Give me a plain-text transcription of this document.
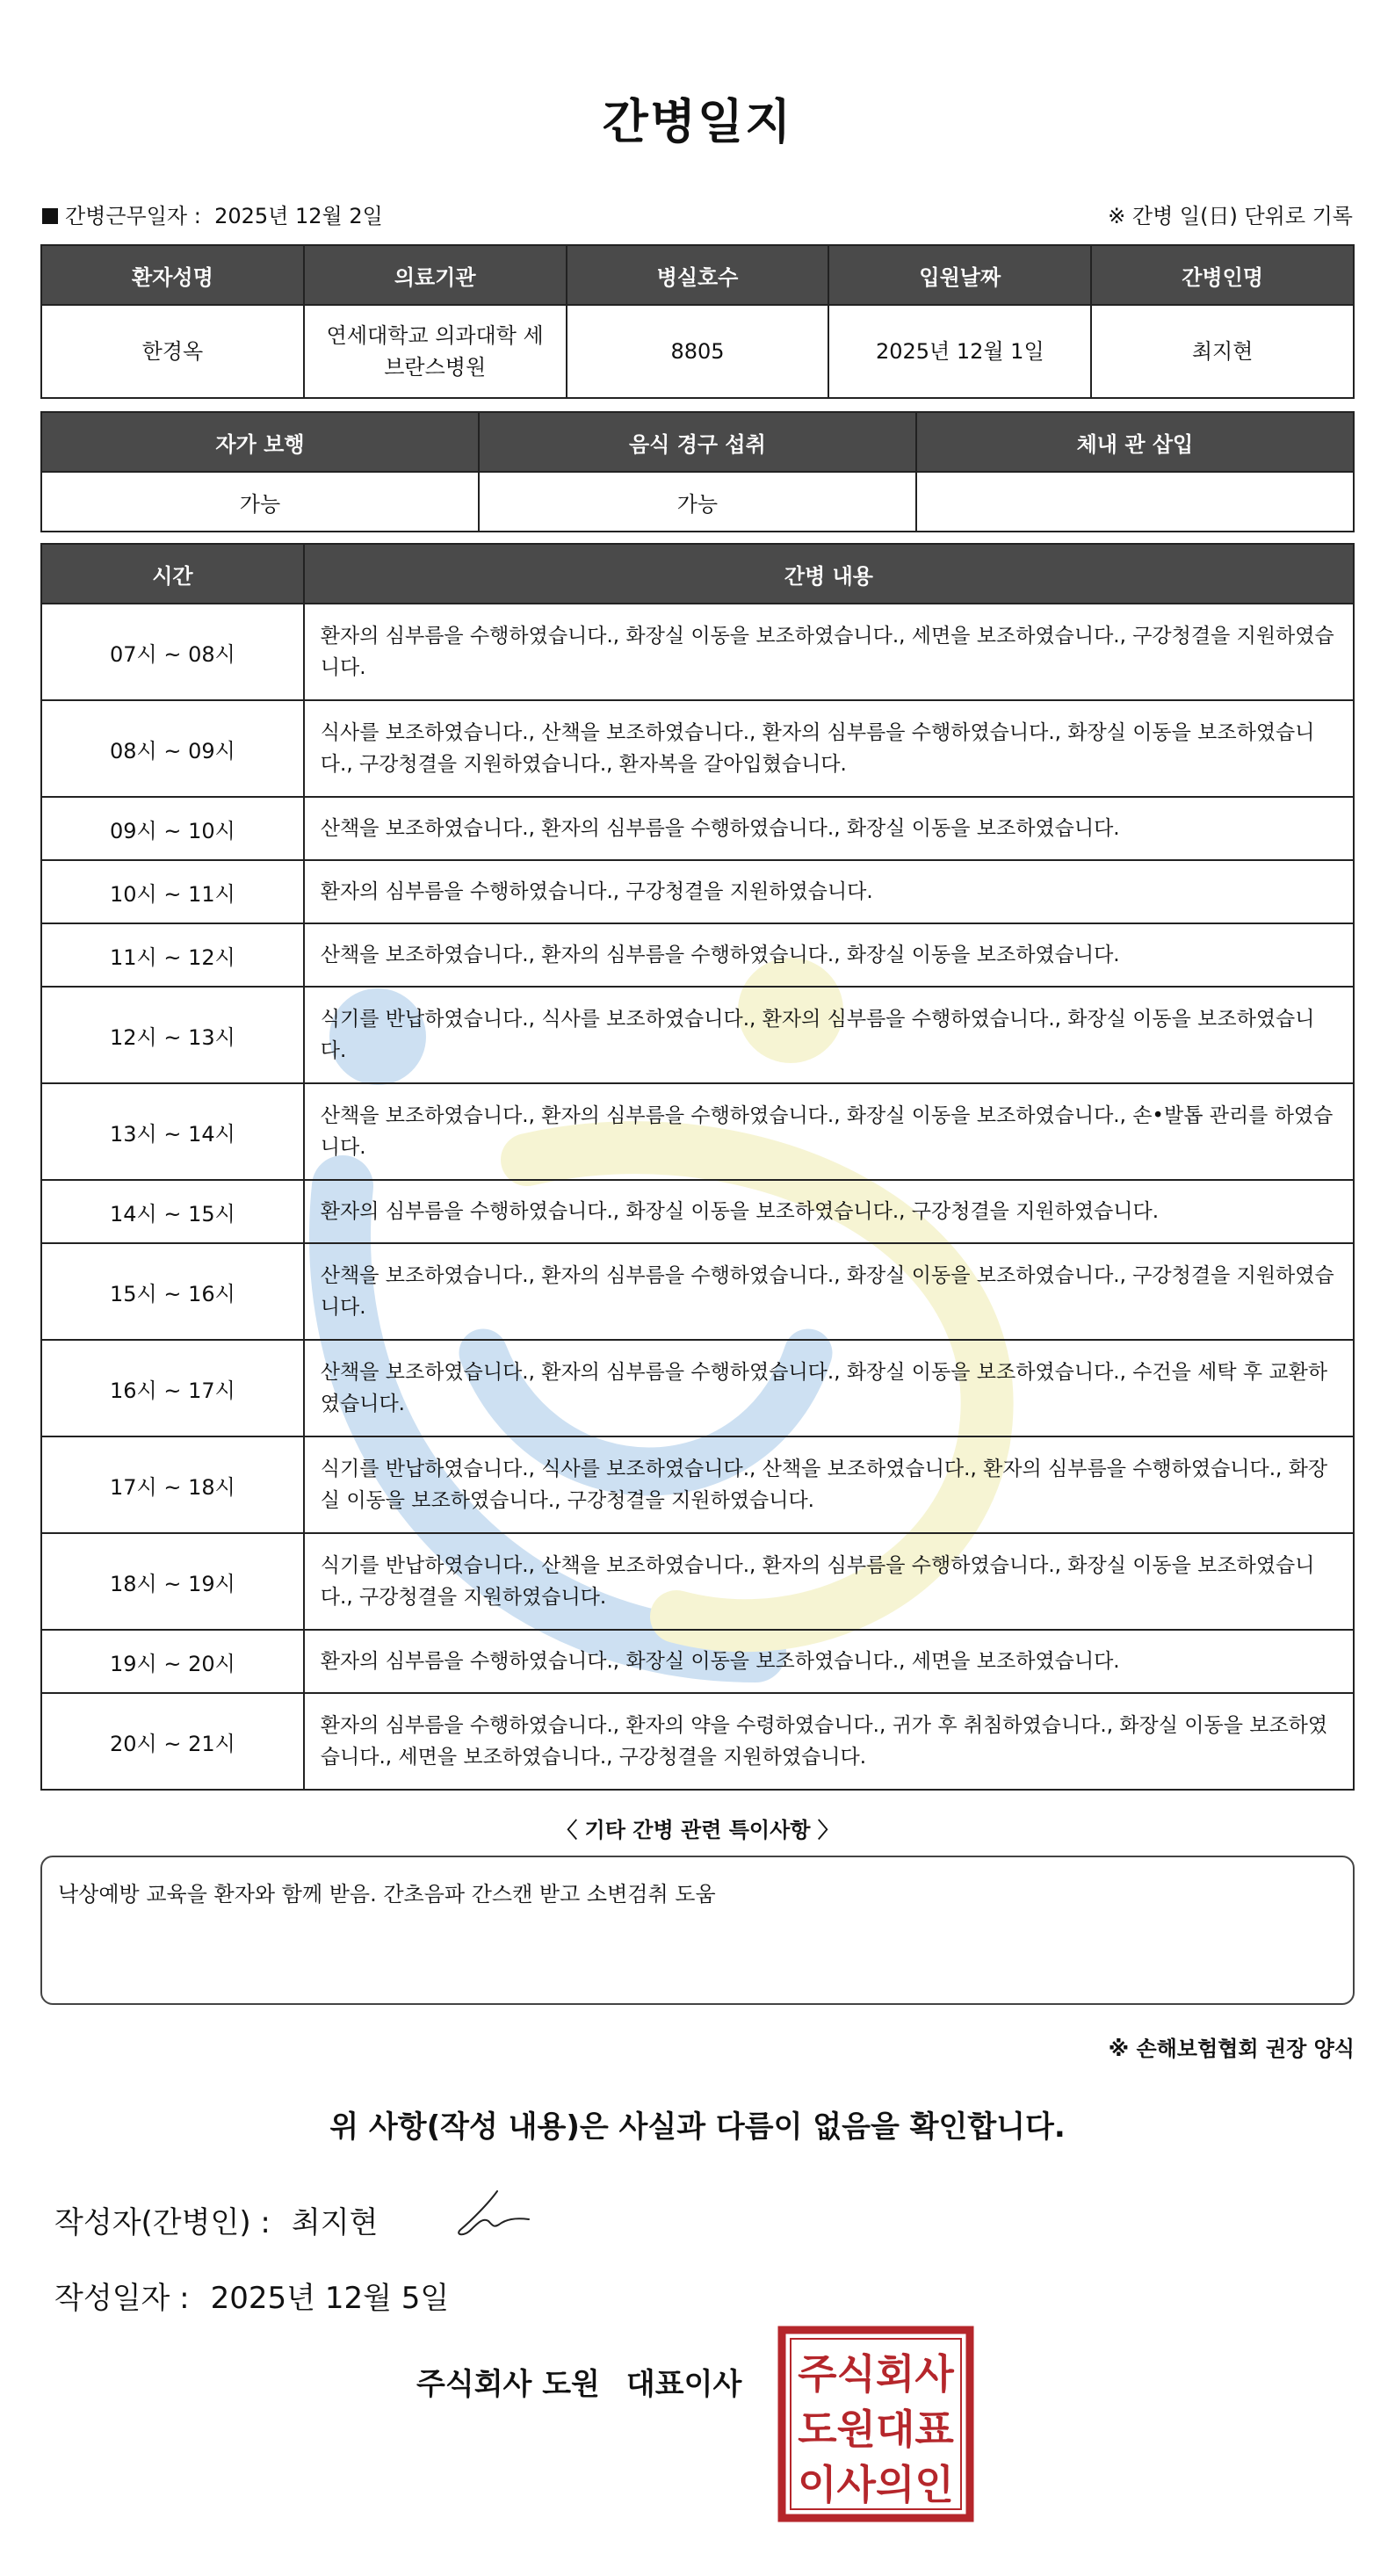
간병일지
간병근무일자 : 2025년 12월 2일	※ 간병 일(日) 단위로 기록
환자성명	의료기관	병실호수	입원날짜	간병인명
한경옥	연세대학교 의과대학 세브란스병원	8805	2025년 12월 1일	최지현
자가 보행	음식 경구 섭취	체내 관 삽입
가능	가능	
시간	간병 내용
07시 ~ 08시	환자의 심부름을 수행하였습니다., 화장실 이동을 보조하였습니다., 세면을 보조하였습니다., 구강청결을 지원하였습니다.
08시 ~ 09시	식사를 보조하였습니다., 산책을 보조하였습니다., 환자의 심부름을 수행하였습니다., 화장실 이동을 보조하였습니다., 구강청결을 지원하였습니다., 환자복을 갈아입혔습니다.
09시 ~ 10시	산책을 보조하였습니다., 환자의 심부름을 수행하였습니다., 화장실 이동을 보조하였습니다.
10시 ~ 11시	환자의 심부름을 수행하였습니다., 구강청결을 지원하였습니다.
11시 ~ 12시	산책을 보조하였습니다., 환자의 심부름을 수행하였습니다., 화장실 이동을 보조하였습니다.
12시 ~ 13시	식기를 반납하였습니다., 식사를 보조하였습니다., 환자의 심부름을 수행하였습니다., 화장실 이동을 보조하였습니다.
13시 ~ 14시	산책을 보조하였습니다., 환자의 심부름을 수행하였습니다., 화장실 이동을 보조하였습니다., 손•발톱 관리를 하였습니다.
14시 ~ 15시	환자의 심부름을 수행하였습니다., 화장실 이동을 보조하였습니다., 구강청결을 지원하였습니다.
15시 ~ 16시	산책을 보조하였습니다., 환자의 심부름을 수행하였습니다., 화장실 이동을 보조하였습니다., 구강청결을 지원하였습니다.
16시 ~ 17시	산책을 보조하였습니다., 환자의 심부름을 수행하였습니다., 화장실 이동을 보조하였습니다., 수건을 세탁 후 교환하였습니다.
17시 ~ 18시	식기를 반납하였습니다., 식사를 보조하였습니다., 산책을 보조하였습니다., 환자의 심부름을 수행하였습니다., 화장실 이동을 보조하였습니다., 구강청결을 지원하였습니다.
18시 ~ 19시	식기를 반납하였습니다., 산책을 보조하였습니다., 환자의 심부름을 수행하였습니다., 화장실 이동을 보조하였습니다., 구강청결을 지원하였습니다.
19시 ~ 20시	환자의 심부름을 수행하였습니다., 화장실 이동을 보조하였습니다., 세면을 보조하였습니다.
20시 ~ 21시	환자의 심부름을 수행하였습니다., 환자의 약을 수령하였습니다., 귀가 후 취침하였습니다., 화장실 이동을 보조하였습니다., 세면을 보조하였습니다., 구강청결을 지원하였습니다.
〈 기타 간병 관련 특이사항 〉
낙상예방 교육을 환자와 함께 받음. 간초음파 간스캔 받고 소변검취 도움
※ 손해보험협회 권장 양식
위 사항(작성 내용)은 사실과 다름이 없음을 확인합니다.
작성자(간병인) : 최지현
작성일자 : 2025년 12월 5일
주식회사 도원 대표이사 주식회사
도원대표
이사의인
